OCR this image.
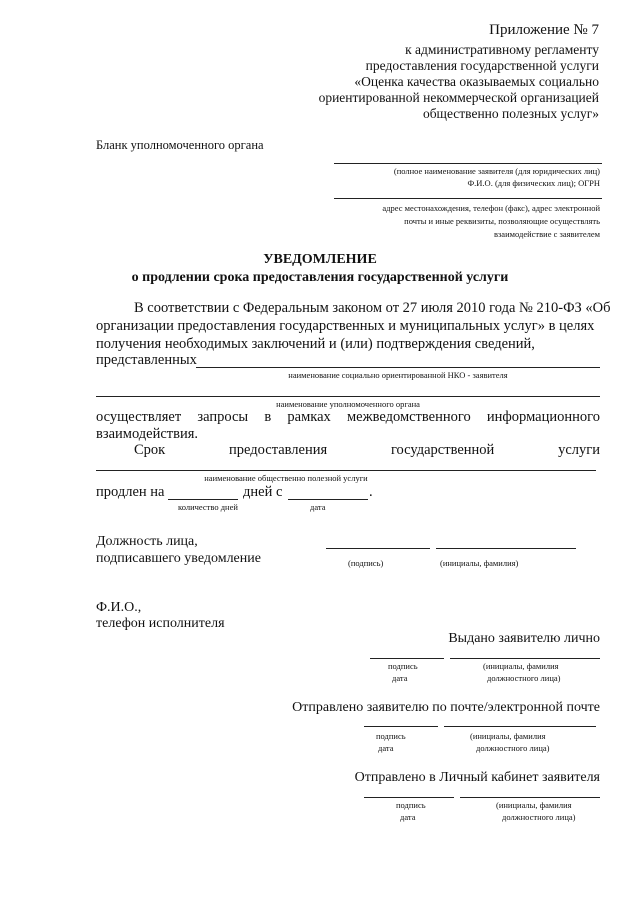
Приложение № 7
к административному регламенту
предоставления государственной услуги
«Оценка качества оказываемых социально
ориентированной некоммерческой организацией
общественно полезных услуг»
Бланк уполномоченного органа
(полное наименование заявителя (для юридических лиц)
Ф.И.О. (для физических лиц); ОГРН
адрес местонахождения, телефон (факс), адрес электронной
почты и иные реквизиты, позволяющие осуществлять
взаимодействие с заявителем
УВЕДОМЛЕНИЕ
о продлении срока предоставления государственной услуги
В соответствии с Федеральным законом от 27 июля 2010 года № 210-ФЗ «Об
организации предоставления государственных и муниципальных услуг» в целях
получения необходимых заключений и (или) подтверждения сведений,
представленных
наименование социально ориентированной НКО - заявителя
наименование уполномоченного органа
осуществляет запросы в рамках межведомственного информационного
взаимодействия.
Срок	предоставления	государственной	услуги
наименование общественно полезной услуги
продлен на	дней с	.
количество дней	дата
Должность лица,
подписавшего уведомление	(подпись)	(инициалы, фамилия)
Ф.И.О.,
телефон исполнителя
Выдано заявителю лично
подпись
дата
(инициалы, фамилия
должностного лица)
Отправлено заявителю по почте/электронной почте
подпись
дата
(инициалы, фамилия
должностного лица)
Отправлено в Личный кабинет заявителя
подпись
дата
(инициалы, фамилия
должностного лица)
